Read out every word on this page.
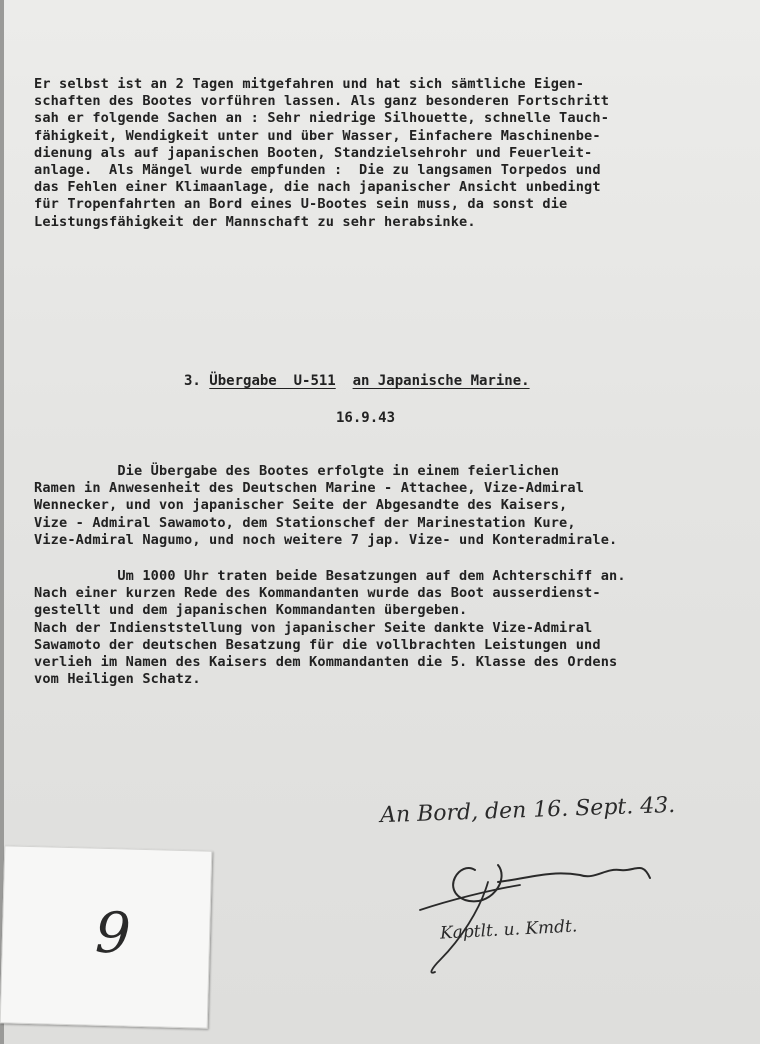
Er selbst ist an 2 Tagen mitgefahren und hat sich sämtliche Eigen-
schaften des Bootes vorführen lassen. Als ganz besonderen Fortschritt
sah er folgende Sachen an : Sehr niedrige Silhouette, schnelle Tauch-
fähigkeit, Wendigkeit unter und über Wasser, Einfachere Maschinenbe-
dienung als auf japanischen Booten, Standzielsehrohr und Feuerleit-
anlage.  Als Mängel wurde empfunden :  Die zu langsamen Torpedos und
das Fehlen einer Klimaanlage, die nach japanischer Ansicht unbedingt
für Tropenfahrten an Bord eines U-Bootes sein muss, da sonst die
Leistungsfähigkeit der Mannschaft zu sehr herabsinke.
3. Übergabe  U-511 an Japanische Marine.
16.9.43
Die Übergabe des Bootes erfolgte in einem feierlichen
Ramen in Anwesenheit des Deutschen Marine - Attachee, Vize-Admiral
Wennecker, und von japanischer Seite der Abgesandte des Kaisers,
Vize - Admiral Sawamoto, dem Stationschef der Marinestation Kure,
Vize-Admiral Nagumo, und noch weitere 7 jap. Vize- und Konteradmirale.
Um 1000 Uhr traten beide Besatzungen auf dem Achterschiff an.
Nach einer kurzen Rede des Kommandanten wurde das Boot ausserdienst-
gestellt und dem japanischen Kommandanten übergeben.
Nach der Indienststellung von japanischer Seite dankte Vize-Admiral
Sawamoto der deutschen Besatzung für die vollbrachten Leistungen und
verlieh im Namen des Kaisers dem Kommandanten die 5. Klasse des Ordens
vom Heiligen Schatz.
An Bord, den 16. Sept. 43.
Kaptlt. u. Kmdt.
9
